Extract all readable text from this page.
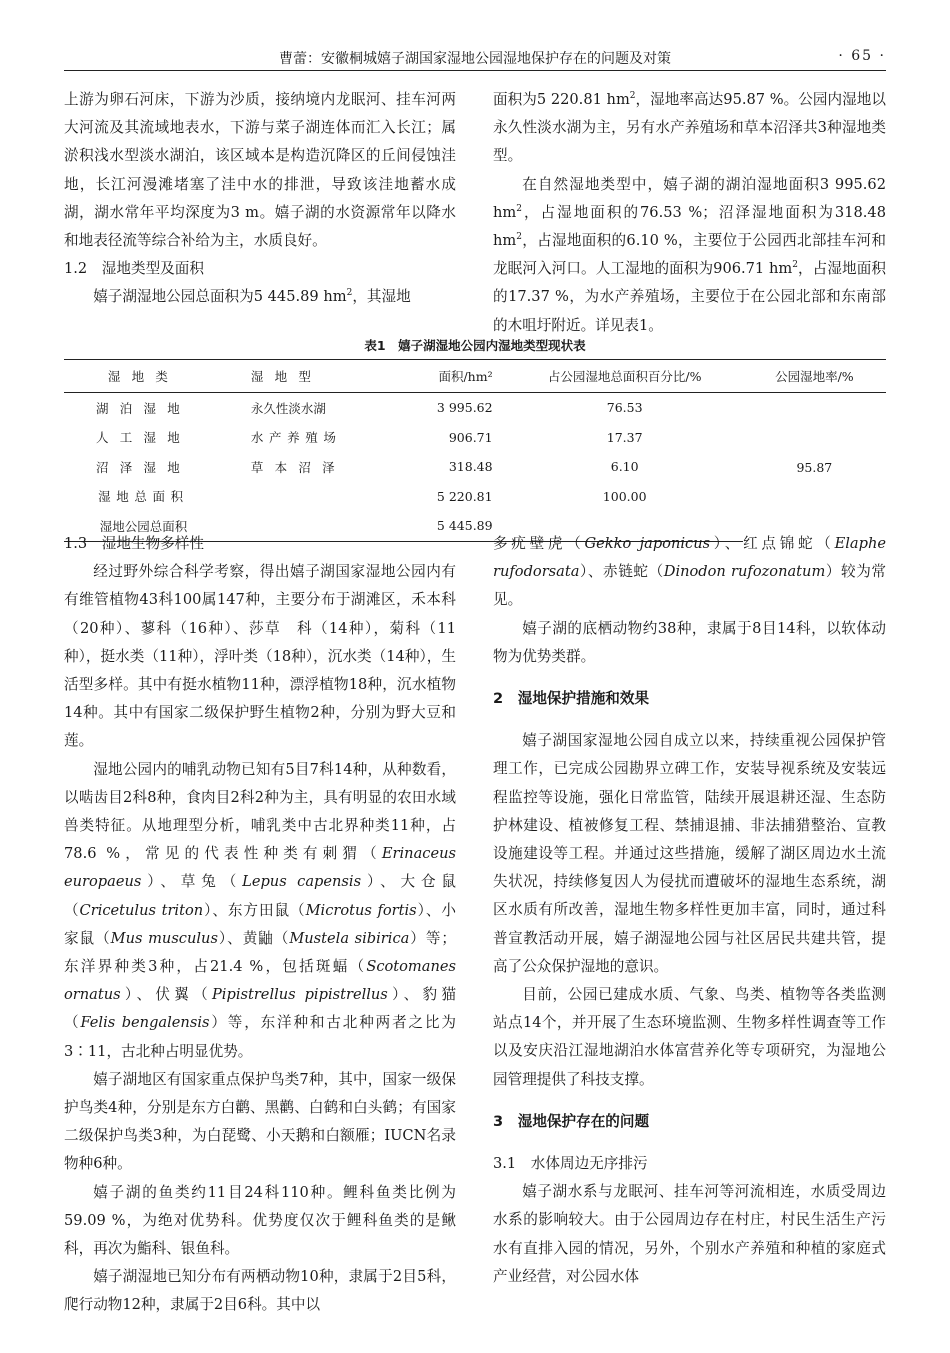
曹蕾：安徽桐城嬉子湖国家湿地公园湿地保护存在的问题及对策	· 65 ·

上游为卵石河床，下游为沙质，接纳境内龙眠河、挂车河两大河流及其流域地表水，下游与菜子湖连体而汇入长江；属淤积浅水型淡水湖泊，该区域本是构造沉降区的丘间侵蚀洼地，长江河漫滩堵塞了洼中水的排泄，导致该洼地蓄水成湖，湖水常年平均深度为3 m。嬉子湖的水资源常年以降水和地表径流等综合补给为主，水质良好。

1.2　湿地类型及面积

嬉子湖湿地公园总面积为5 445.89 $hm^2$，其湿地

面积为5 220.81 $hm^2$，湿地率高达95.87 %。公园内湿地以永久性淡水湖为主，另有水产养殖场和草本沼泽共3种湿地类型。

在自然湿地类型中，嬉子湖的湖泊湿地面积3 995.62 $hm^2$，占湿地面积的76.53 %；沼泽湿地面积为318.48 $hm^2$，占湿地面积的6.10 %，主要位于公园西北部挂车河和龙眠河入河口。人工湿地的面积为906.71 $hm^2$，占湿地面积的17.37 %，为水产养殖场，主要位于在公园北部和东南部的木咀圩附近。详见表1。

表1　嬉子湖湿地公园内湿地类型现状表
湿地类	湿地型	面积/hm²	占公园湿地总面积百分比/%	公园湿地率/%
湖泊湿地	永久性淡水湖	3 995.62	76.53	95.87
人工湿地	水产养殖场	906.71	17.37	
沼泽湿地	草本沼泽	318.48	6.10	
湿地总面积		5 220.81	100.00	
湿地公园总面积		5 445.89		

1.3　湿地生物多样性

经过野外综合科学考察，得出嬉子湖国家湿地公园内有有维管植物43科100属147种，主要分布于湖滩区，禾本科（20种）、蓼科（16种）、莎草　科（14种），菊科（11种），挺水类（11种），浮叶类（18种），沉水类（14种），生活型多样。其中有挺水植物11种，漂浮植物18种，沉水植物14种。其中有国家二级保护野生植物2种，分别为野大豆和莲。

湿地公园内的哺乳动物已知有5目7科14种，从种数看，以啮齿目2科8种，食肉目2科2种为主，具有明显的农田水域兽类特征。从地理型分析，哺乳类中古北界种类11种，占78.6 %，常见的代表性种类有刺猬（Erinaceus europaeus）、草兔（Lepus capensis）、大仓鼠（Cricetulus triton）、东方田鼠（Microtus fortis）、小家鼠（Mus musculus）、黄鼬（Mustela sibirica）等；东洋界种类3种，占21.4 %，包括斑蝠（Scotomanes ornatus）、伏翼（Pipistrellus pipistrellus）、豹猫（Felis bengalensis）等，东洋种和古北种两者之比为3∶11，古北种占明显优势。

嬉子湖地区有国家重点保护鸟类7种，其中，国家一级保护鸟类4种，分别是东方白鹳、黑鹳、白鹤和白头鹤；有国家二级保护鸟类3种，为白琵鹭、小天鹅和白额雁；IUCN名录物种6种。

嬉子湖的鱼类约11目24科110种。鲤科鱼类比例为59.09 %，为绝对优势科。优势度仅次于鲤科鱼类的是鳅科，再次为鮨科、银鱼科。

嬉子湖湿地已知分布有两栖动物10种，隶属于2目5科，爬行动物12种，隶属于2目6科。其中以

多疣壁虎（Gekko japonicus）、红点锦蛇（Elaphe rufodorsata）、赤链蛇（Dinodon rufozonatum）较为常见。

嬉子湖的底栖动物约38种，隶属于8目14科，以软体动物为优势类群。

2　湿地保护措施和效果

嬉子湖国家湿地公园自成立以来，持续重视公园保护管理工作，已完成公园勘界立碑工作，安装导视系统及安装远程监控等设施，强化日常监管，陆续开展退耕还湿、生态防护林建设、植被修复工程、禁捕退捕、非法捕猎整治、宣教设施建设等工程。并通过这些措施，缓解了湖区周边水土流失状况，持续修复因人为侵扰而遭破坏的湿地生态系统，湖区水质有所改善，湿地生物多样性更加丰富，同时，通过科普宣教活动开展，嬉子湖湿地公园与社区居民共建共管，提高了公众保护湿地的意识。

目前，公园已建成水质、气象、鸟类、植物等各类监测站点14个，并开展了生态环境监测、生物多样性调查等工作以及安庆沿江湿地湖泊水体富营养化等专项研究，为湿地公园管理提供了科技支撑。

3　湿地保护存在的问题

3.1　水体周边无序排污

嬉子湖水系与龙眠河、挂车河等河流相连，水质受周边水系的影响较大。由于公园周边存在村庄，村民生活生产污水有直排入园的情况，另外，个别水产养殖和种植的家庭式产业经营，对公园水体
